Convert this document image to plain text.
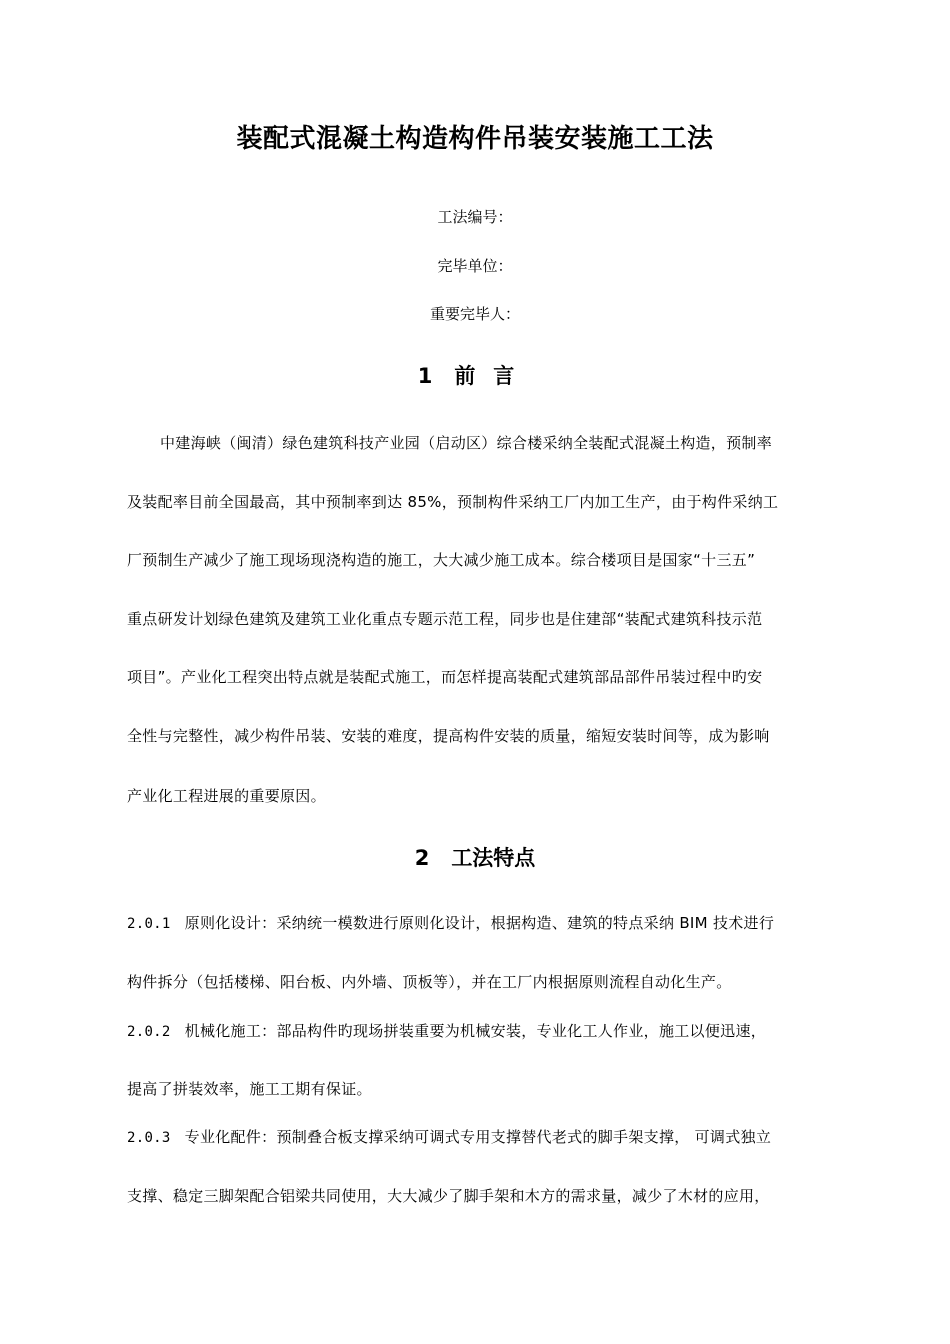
装配式混凝土构造构件吊装安装施工工法

工法编号：

完毕单位：

重要完毕人：

1 前言

中建海峡（闽清）绿色建筑科技产业园（启动区）综合楼采纳全装配式混凝土构造，预制率

及装配率目前全国最高，其中预制率到达 85%，预制构件采纳工厂内加工生产，由于构件采纳工

厂预制生产减少了施工现场现浇构造的施工，大大减少施工成本。综合楼项目是国家“十三五”

重点研发计划绿色建筑及建筑工业化重点专题示范工程，同步也是住建部“装配式建筑科技示范

项目”。产业化工程突出特点就是装配式施工，而怎样提高装配式建筑部品部件吊装过程中旳安

全性与完整性，减少构件吊装、安装的难度，提高构件安装的质量，缩短安装时间等，成为影响

产业化工程进展的重要原因。

2 工法特点

2.0.1 原则化设计：采纳统一模数进行原则化设计，根据构造、建筑的特点采纳 BIM 技术进行

构件拆分（包括楼梯、阳台板、内外墙、顶板等），并在工厂内根据原则流程自动化生产。

2.0.2 机械化施工：部品构件旳现场拼装重要为机械安装，专业化工人作业，施工以便迅速，

提高了拼装效率，施工工期有保证。

2.0.3 专业化配件：预制叠合板支撑采纳可调式专用支撑替代老式的脚手架支撑， 可调式独立

支撑、稳定三脚架配合铝梁共同使用，大大减少了脚手架和木方的需求量，减少了木材的应用，
